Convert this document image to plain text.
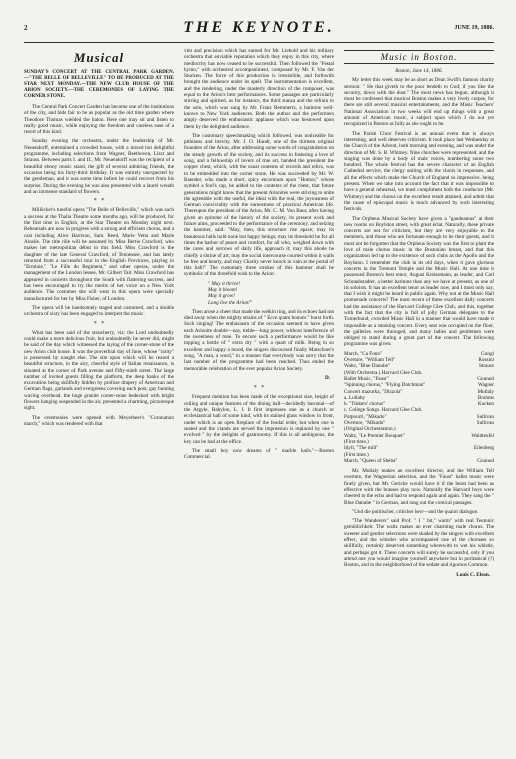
2	THE KEYNOTE.	JUNE 19, 1886.
Musical
SUNDAY'S CONCERT AT THE CENTRAL PARK GARDEN.—"THE BELLE OF BELLEVILLE" TO BE PRODUCED AT THE STAR NEXT MONDAY.—THE NEW CLUB HOUSE OF THE ARION SOCIETY.—THE CEREMONIES OF LAYING THE CORNER STONE.

The Central Park Concert Garden has become one of the institutions of the city, and bids fair to be as popular as the old time garden where Theodore Thomas wielded the baton. Here one may sit and listen to really good music, while enjoying the freedom and careless ease of a resort of this kind.

Sunday evening the orchestra, under the leadership of Mr. Neuendorff, entertained a crowded house, with a mixed but delightful programme, including selections from Wagner, Beethoven, Liszt and Strauss. Between parts I. and II., Mr. Neuendorff was the recipient of a beautiful ebony music stand, the gift of several admiring friends, the occasion being his forty-third birthday. It was entirely unexpected by the gentleman, and it was some time before he could recover from his surprise. During the evening he was also presented with a laurel wreath and an immense standard of flowers.

*   *

Millöcker's tuneful opera "The Belle of Belleville," which was such a success at the Thalia Theatre some months ago, will be produced, for the first time in English, at the Star Theatre on Monday night next. Rehearsals are now in progress with a strong and efficient chorus, and a cast including Alice Harrison, Sam. Reed, Marie Vetta and Marie Ainslie. The title rôle will be assumed by Miss Bertie Crawford, who makes her metropolitan début in this field. Miss Crawford is the daughter of the late General Crawford, of Tennessee, and has lately returned from a successful tour in the English Provinces, playing in "Erminie," "Le Fille du Regiment," and other operas, under the management of the London lessee, Mr. Gilbert Tait. Miss Crawford has appeared in concerts throughout the South with flattering success, and has been encouraged to try the merits of her voice on a New York audience. The costumes she will wear in this opera were specially manufactured for her by Miss Fisher, of London.

The opera will be handsomely staged and costumed, and a double orchestra of sixty has been engaged to interpret the music.

*   *

What has been said of the strawberry, viz: the Lord undoubtedly could make a more delicious fruit, but undoubtedly he never did, might be said of the day which witnessed the laying of the corner-stone of the new Arion club house. It was the proverbial day of June, whose "rarity" is possessed by naught else. The site upon which will be reared a beautiful structure, in the airy, cheerful style of Italian renaissance, is situated at the corner of Park avenue and Fifty-ninth street. The large number of invited guests filling the platform, the deep banks of the excavation being skillfully hidden by profuse drapery of American and German flags, garlands and evergreens covering each post, gay bunting waving overhead, the huge granite corner-stone bedecked with bright flowers hanging suspended in the air, presented a charming, picturesque sight.

The ceremonies were opened with Meyerbeer's "Coronation march," which was rendered with that

vim and precision which has earned for Mr. Liebold and his military orchestra that enviable reputation which they enjoy in this city, where mediocrity has now ceased to be successful. Then followed the "Festal hymn," with orchestral accompaniment, composed by Mr. F. Van der Stucken. The force of this production is irresistible, and forthwith brought the audience under its spell. The instrumentation is excellent, and the rendering, under the masterly direction of the composer, was equal to the Arion's best performances. Some passages are particularly stirring and spirited, as for instance, the third stanza and the refrain to the solo, which was sung by Mr. Franz Remmertz, a baritone well-known to New York audiences. Both the author and the performers amply deserved the enthusiastic applause which was bestowed upon them by the delighted audience.

The customary speechmaking which followed, was noticeable for pithiness and brevity. Mr. J. O. Hundt, one of the thirteen original founders of the Arion, after addressing some words of congratulation on the steady growth of the society, and its success in fostering a love of song, and a fellowship of lovers of true art, handed the president the copper chest, which, with the usual contents of records and relics, was to be embedded into the corner stone. He was succeeded by Mr. W. Baender, who made a short, spicy encomium upon "Humor," whose symbol a fool's cap, he added to the contents of the chest, that future generations might know that the present Arionites were striving to unite the agreeable with the useful, the ideal with the real, the joyousness of German conviviality with the earnestness of practical American life. Thereupon the president of the Arion, Mr. C. M. Von Baur, after having given an epitome of the history of the society, its present work and future aims, proceeded to the performance of the ceremony, and seizing the hammer, said: "May, then, this structure rise apace; may its beauteous halls hold none but happy beings; may its threshold be for all times the harbor of peace and comfort, for all who, weighed down with the cares and sorrows of daily life, approach it; may this abode be chiefly a shrine of art; may the social intercourse courted within it walls be free and hearty, and may Charity never knock in vain at the portal of this hall!" The customary three strokes of this hammer shall be symbolic of the threefold wish to the Arion:

" May it thrive!
May it bloom!
May it grow!
Long live the Arion!"

Then arose a cheer that made the welkin ring, and its echoes had not died away when the mighty strains of " Ecce quam bonum " burst forth. Such singing! The enthusiasm of the occasion seemed to have given each Arionite double—nay, treble—lung power, without interference of the sweetness of tone. To encore such a performance would be like topping a bottle of " extra dry " with a quart of milk. Being in so excellent and happy a mood, the singers discoursed finally Marschner's song, "A man, a word," in a manner that everybody was sorry that the last number of the programme had been reached. Thus ended the memorable celebration of the ever popular Arion Society.

D.

*   *

Frequent mention has been made of the exceptional size, height of ceiling and unique features of the dining hall—decidedly baronial—of the Argyle, Babylon, L. I. It first impresses one as a church or ecclesiastical hall of some kind, with its stained glass window in front, under which is an open fireplace of the feudal order, but when one is seated and the viands are served the impression is replaced by one " evolved " by the delights of gastronomy. If this is all ambiguous, the key can be had at the office.

The small boy now dreams of " marble hails."—Boston Commercial.

Music in Boston.

Boston, June 14, 1886.

My letter this week may be as short as Dean Swift's famous charity sermon: " He that giveth to the poor lendeth to God; if you like the security, down with the dust." The most news has begun, although it must be confessed that musical Boston makes a very lively corpse, for there are still several musical entertainments, and the Music Teachers' National Association in two weeks will end up things with a great amount of American music, a subject upon which I do not yet recognized in Boston as fully as she ought to be.

The Parish Choir Festival is an annual event that is always interesting, and well deserves criticism. It took place last Wednesday at the Church of the Advent, both morning and evening, and was under the direction of Mr. S. B. Whitney. Nine churches were represented, and the singing was done by a body of male voices, numbering some two hundred. The whole festival has the severe character of an English Cathedral service, the clergy uniting with the choirs in responses, and all the effects which make the Church of England so impressive, being present. When we take into account the fact that it was impossible to have a general rehearsal, we must compliment both the conductor (Mr. Whitney) and the chorus on the excellent result attained, and admit that the cause of episcopal music is much advanced by such interesting festivals.

The Orpheus Musical Society have given a "gaudeamus" at their new rooms on Boylston street, with great éclat. Naturally, these private concerts are not for criticism, but they are very enjoyable to the members, and those who are fortunate enough to be their guests, and it must not be forgotten that the Orpheus Society was the first to plant the love of male chorus music in the Bostonian breast, and that this organization led up to the existence of such clubs as the Apollo and the Boylston. I remember the club in its old days, when it gave glorious concerts in the Tremont Temple and the Music Hall. At one time it possessed Boston's best tenor, August Kreissmann, as leader, and Carl Schraubstadter, a better baritone than any we have at present, as one of its soloists. It has an excellent tenor as leader now, and I must only say, that I wish it might be heard in public again. Why not at the Music Hall promenade concerts? The most recent of these excellent daily concerts had the assistance of the Harvard College Glee Club, and this, together with the fact that the city is full of jolly German delegates to the Turnerbund, crowded Music Hall in a manner that would have made it impossible as a smoking concert. Every seat was occupied on the floor, the galleries were thronged, and many ladies and gentlemen were obliged to stand during a great part of the concert. The following programme was given:

March, "Ca Fonn"	Gungl
Overture, "William Tell"	Rossini
Waltz, "Blue Danube"	Strauss
(With Orchestra.) Harvard Glee Club.
Ballet Music, "Faust"	Gounod
"Spinning chorus," "Flying Dutchman"	Wagner
Concert mazurka, "Dizzola"	Mullaly
a. Lullaby	Brahms
b. "Tinkers' chorus"	Kucken
c. College Songs. Harvard Glee Club.
Potpourri, "Mikado"	Sullivan
Overture, "Mikado"	Sullivan
(Original Orchestration.)
Waltz, "Le Premier Bouquet"	Waldteufel
(First time.)
Idyll, "The mill"	Eilenberg
(First time.)
March, "Queen of Sheba"	Gounod

Mr. Mullaly makes an excellent director, and the William Tell overture, the Wagnerian selection, and the "Faust" ballet music were finely given, but Mr. Gericke would have it if the beast had been as effective with the brasses play now. Naturally the Harvard boys were cheered to the echo and had to respond again and again. They sang the " Blue Danube " in German, and rang out the comical passages.

"Und die politischer, criticher herr—and the quaint dialogue.

"The Wanderers" said Prof. " I " bit," warm" with real Teutonic gemütlichkeit. The waltz makes an ever charming male chorus. The sweeter and gentler selections were shaded by the singers with excellent effect, and the whistler who accompanied one of the choruses so skillfully, certainly deserved something wherewith to wet his whistle, and perhaps got it. These concerts will surely be successful, only if you attend one you would imagine yourself anywhere but in puritanical (?) Boston, and in the neighborhood of the sedate and rigorous Common.

Louis C. Elson.
